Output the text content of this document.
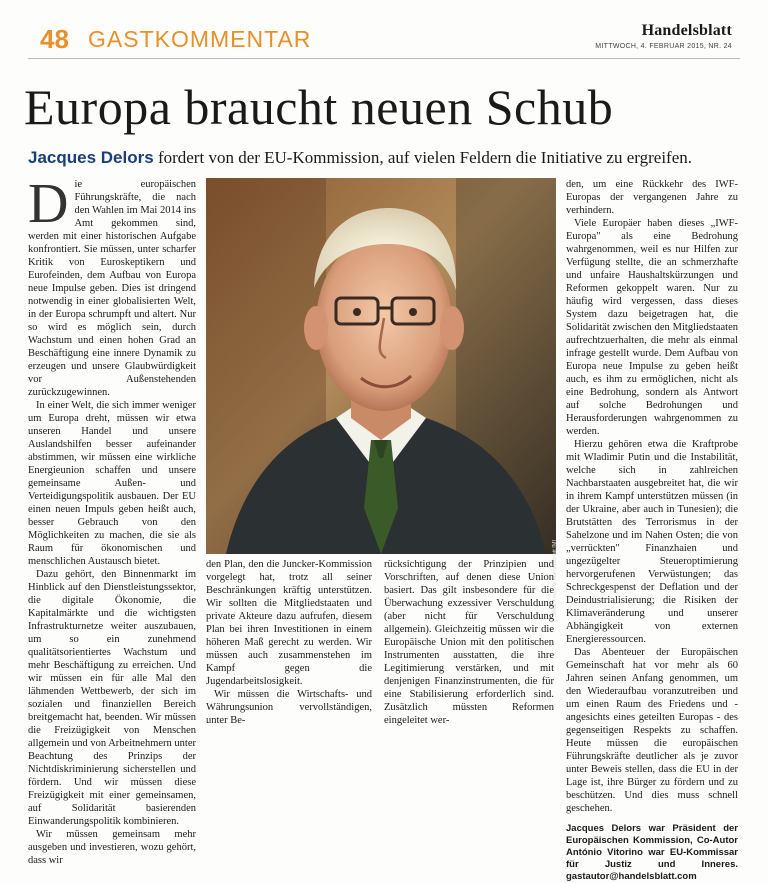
48 GASTKOMMENTAR	Handelsblatt
MITTWOCH, 4. FEBRUAR 2015, NR. 24
Europa braucht neuen Schub
Jacques Delors fordert von der EU-Kommission, auf vielen Feldern die Initiative zu ergreifen.
D ie europäischen Führungskräfte, die nach den Wahlen im Mai 2014 ins Amt gekommen sind, werden mit einer historischen Aufgabe konfrontiert. Sie müssen, unter scharfer Kritik von Euroskeptikern und Eurofeinden, dem Aufbau von Europa neue Impulse geben. Dies ist dringend notwendig in einer globalisierten Welt, in der Europa schrumpft und altert. Nur so wird es möglich sein, durch Wachstum und einen hohen Grad an Beschäftigung eine innere Dynamik zu erzeugen und unsere Glaubwürdigkeit vor Außenstehenden zurückzugewinnen.

In einer Welt, die sich immer weniger um Europa dreht, müssen wir etwa unseren Handel und unsere Auslandshilfen besser aufeinander abstimmen, wir müssen eine wirkliche Energieunion schaffen und unsere gemeinsame Außen- und Verteidigungspolitik ausbauen. Der EU einen neuen Impuls geben heißt auch, besser Gebrauch von den Möglichkeiten zu machen, die sie als Raum für ökonomischen und menschlichen Austausch bietet.

Dazu gehört, den Binnenmarkt im Hinblick auf den Dienstleistungssektor, die digitale Ökonomie, die Kapitalmärkte und die wichtigsten Infrastrukturnetze weiter auszubauen, um so ein zunehmend qualitätsorientiertes Wachstum und mehr Beschäftigung zu erreichen. Und wir müssen ein für alle Mal den lähmenden Wettbewerb, der sich im sozialen und finanziellen Bereich breitgemacht hat, beenden. Wir müssen die Freizügigkeit von Menschen allgemein und von Arbeitnehmern unter Beachtung des Prinzips der Nichtdiskriminierung sicherstellen und fördern. Und wir müssen diese Freizügigkeit mit einer gemeinsamen, auf Solidarität basierenden Einwanderungspolitik kombinieren.

Wir müssen gemeinsam mehr ausgeben und investieren, wozu gehört, dass wir

Stine Frost für Handelsblatt [M]

den Plan, den die Juncker-Kommission vorgelegt hat, trotz all seiner Beschränkungen kräftig unterstützen. Wir sollten die Mitgliedstaaten und private Akteure dazu aufrufen, diesem Plan bei ihren Investitionen in einem höheren Maß gerecht zu werden. Wir müssen auch zusammenstehen im Kampf gegen die Jugendarbeitslosigkeit.

Wir müssen die Wirtschafts- und Währungsunion vervollständigen, unter Be-

rücksichtigung der Prinzipien und Vorschriften, auf denen diese Union basiert. Das gilt insbesondere für die Überwachung exzessiver Verschuldung (aber nicht für Verschuldung allgemein). Gleichzeitig müssen wir die Europäische Union mit den politischen Instrumenten ausstatten, die ihre Legitimierung verstärken, und mit denjenigen Finanzinstrumenten, die für eine Stabilisierung erforderlich sind. Zusätzlich müssten Reformen eingeleitet wer-

den, um eine Rückkehr des IWF-Europas der vergangenen Jahre zu verhindern.

Viele Europäer haben dieses „IWF-Europa" als eine Bedrohung wahrgenommen, weil es nur Hilfen zur Verfügung stellte, die an schmerzhafte und unfaire Haushaltskürzungen und Reformen gekoppelt waren. Nur zu häufig wird vergessen, dass dieses System dazu beigetragen hat, die Solidarität zwischen den Mitgliedstaaten aufrechtzuerhalten, die mehr als einmal infrage gestellt wurde. Dem Aufbau von Europa neue Impulse zu geben heißt auch, es ihm zu ermöglichen, nicht als eine Bedrohung, sondern als Antwort auf solche Bedrohungen und Herausforderungen wahrgenommen zu werden.

Hierzu gehören etwa die Kraftprobe mit Wladimir Putin und die Instabilität, welche sich in zahlreichen Nachbarstaaten ausgebreitet hat, die wir in ihrem Kampf unterstützen müssen (in der Ukraine, aber auch in Tunesien); die Brutstätten des Terrorismus in der Sahelzone und im Nahen Osten; die von „verrückten" Finanzhaien und ungezügelter Steueroptimierung hervorgerufenen Verwüstungen; das Schreckgespenst der Deflation und der Deindustrialisierung; die Risiken der Klimaveränderung und unserer Abhängigkeit von externen Energieressourcen.

Das Abenteuer der Europäischen Gemeinschaft hat vor mehr als 60 Jahren seinen Anfang genommen, um den Wiederaufbau voranzutreiben und um einen Raum des Friedens und - angesichts eines geteilten Europas - des gegenseitigen Respekts zu schaffen. Heute müssen die europäischen Führungskräfte deutlicher als je zuvor unter Beweis stellen, dass die EU in der Lage ist, ihre Bürger zu fördern und zu beschützen. Und dies muss schnell geschehen.

Jacques Delors war Präsident der Europäischen Kommission, Co-Autor António Vitorino war EU-Kommissar für Justiz und Inneres. gastautor@handelsblatt.com
